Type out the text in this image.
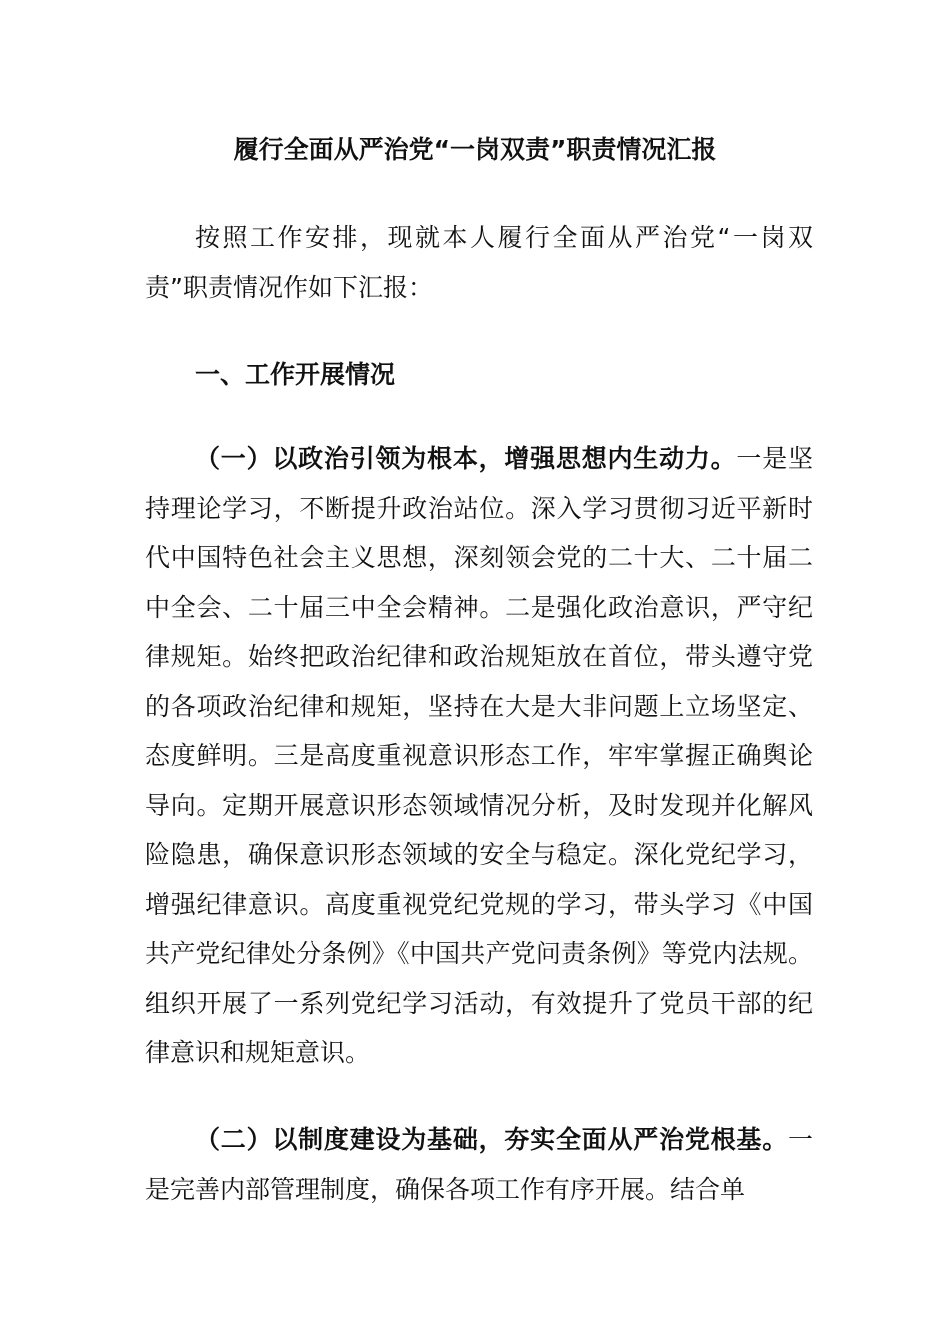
履行全面从严治党“一岗双责”职责情况汇报
按照工作安排，现就本人履行全面从严治党“一岗双责”职责情况作如下汇报：
一、工作开展情况
（一）以政治引领为根本，增强思想内生动力。一是坚持理论学习，不断提升政治站位。深入学习贯彻习近平新时代中国特色社会主义思想，深刻领会党的二十大、二十届二中全会、二十届三中全会精神。二是强化政治意识，严守纪律规矩。始终把政治纪律和政治规矩放在首位，带头遵守党的各项政治纪律和规矩，坚持在大是大非问题上立场坚定、态度鲜明。三是高度重视意识形态工作，牢牢掌握正确舆论导向。定期开展意识形态领域情况分析，及时发现并化解风险隐患，确保意识形态领域的安全与稳定。深化党纪学习，增强纪律意识。高度重视党纪党规的学习，带头学习《中国共产党纪律处分条例》《中国共产党问责条例》等党内法规。组织开展了一系列党纪学习活动，有效提升了党员干部的纪律意识和规矩意识。
（二）以制度建设为基础，夯实全面从严治党根基。一是完善内部管理制度，确保各项工作有序开展。结合单
